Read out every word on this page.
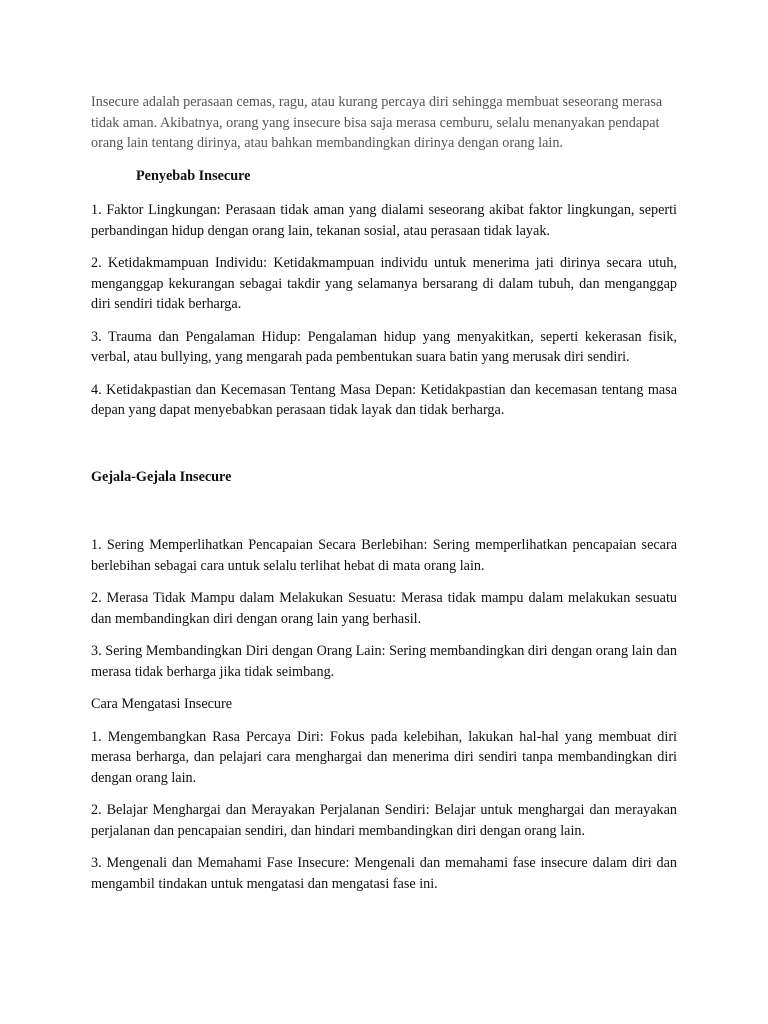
Insecure adalah perasaan cemas, ragu, atau kurang percaya diri sehingga membuat seseorang merasa tidak aman. Akibatnya, orang yang insecure bisa saja merasa cemburu, selalu menanyakan pendapat orang lain tentang dirinya, atau bahkan membandingkan dirinya dengan orang lain.

Penyebab Insecure

1. Faktor Lingkungan: Perasaan tidak aman yang dialami seseorang akibat faktor lingkungan, seperti perbandingan hidup dengan orang lain, tekanan sosial, atau perasaan tidak layak.

2. Ketidakmampuan Individu: Ketidakmampuan individu untuk menerima jati dirinya secara utuh, menganggap kekurangan sebagai takdir yang selamanya bersarang di dalam tubuh, dan menganggap diri sendiri tidak berharga.

3. Trauma dan Pengalaman Hidup: Pengalaman hidup yang menyakitkan, seperti kekerasan fisik, verbal, atau bullying, yang mengarah pada pembentukan suara batin yang merusak diri sendiri.

4. Ketidakpastian dan Kecemasan Tentang Masa Depan: Ketidakpastian dan kecemasan tentang masa depan yang dapat menyebabkan perasaan tidak layak dan tidak berharga.

Gejala-Gejala Insecure

1. Sering Memperlihatkan Pencapaian Secara Berlebihan: Sering memperlihatkan pencapaian secara berlebihan sebagai cara untuk selalu terlihat hebat di mata orang lain.

2. Merasa Tidak Mampu dalam Melakukan Sesuatu: Merasa tidak mampu dalam melakukan sesuatu dan membandingkan diri dengan orang lain yang berhasil.

3. Sering Membandingkan Diri dengan Orang Lain: Sering membandingkan diri dengan orang lain dan merasa tidak berharga jika tidak seimbang.

Cara Mengatasi Insecure

1. Mengembangkan Rasa Percaya Diri: Fokus pada kelebihan, lakukan hal-hal yang membuat diri merasa berharga, dan pelajari cara menghargai dan menerima diri sendiri tanpa membandingkan diri dengan orang lain.

2. Belajar Menghargai dan Merayakan Perjalanan Sendiri: Belajar untuk menghargai dan merayakan perjalanan dan pencapaian sendiri, dan hindari membandingkan diri dengan orang lain.

3. Mengenali dan Memahami Fase Insecure: Mengenali dan memahami fase insecure dalam diri dan mengambil tindakan untuk mengatasi dan mengatasi fase ini.
